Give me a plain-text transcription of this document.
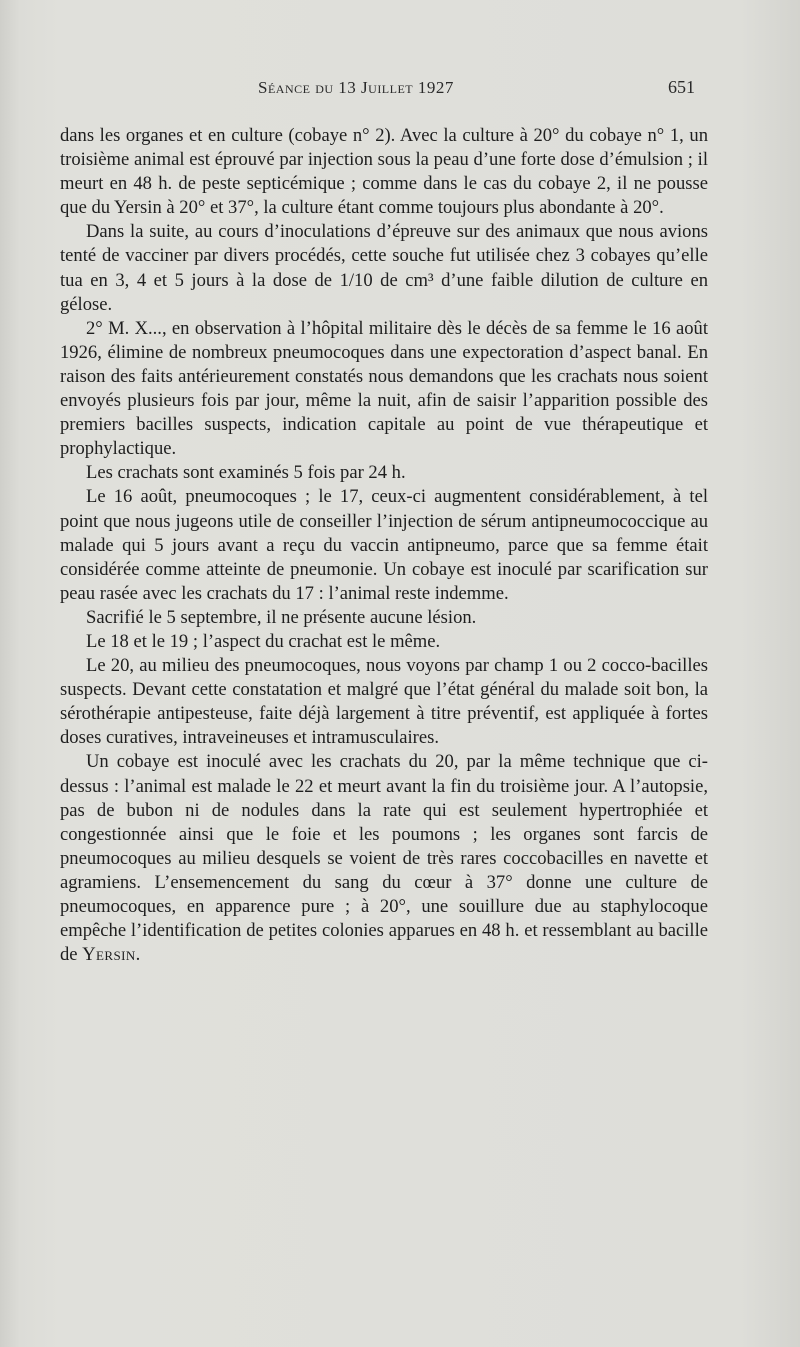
Séance du 13 Juillet 1927	651

dans les organes et en culture (cobaye n° 2). Avec la culture à 20° du cobaye n° 1, un troisième animal est éprouvé par injection sous la peau d’une forte dose d’émulsion ; il meurt en 48 h. de peste septicémique ; comme dans le cas du cobaye 2, il ne pousse que du Yersin à 20° et 37°, la culture étant comme toujours plus abondante à 20°.

Dans la suite, au cours d’inoculations d’épreuve sur des animaux que nous avions tenté de vacciner par divers procédés, cette souche fut utilisée chez 3 cobayes qu’elle tua en 3, 4 et 5 jours à la dose de 1/10 de cm³ d’une faible dilution de culture en gélose.

2° M. X..., en observation à l’hôpital militaire dès le décès de sa femme le 16 août 1926, élimine de nombreux pneumocoques dans une expectoration d’aspect banal. En raison des faits antérieurement constatés nous demandons que les crachats nous soient envoyés plusieurs fois par jour, même la nuit, afin de saisir l’apparition possible des premiers bacilles suspects, indication capitale au point de vue thérapeutique et prophylactique.

Les crachats sont examinés 5 fois par 24 h.

Le 16 août, pneumocoques ; le 17, ceux-ci augmentent considérablement, à tel point que nous jugeons utile de conseiller l’injection de sérum antipneumococcique au malade qui 5 jours avant a reçu du vaccin antipneumo, parce que sa femme était considérée comme atteinte de pneumonie. Un cobaye est inoculé par scarification sur peau rasée avec les crachats du 17 : l’animal reste indemme.

Sacrifié le 5 septembre, il ne présente aucune lésion.

Le 18 et le 19 ; l’aspect du crachat est le même.

Le 20, au milieu des pneumocoques, nous voyons par champ 1 ou 2 cocco-bacilles suspects. Devant cette constatation et malgré que l’état général du malade soit bon, la sérothérapie antipesteuse, faite déjà largement à titre préventif, est appliquée à fortes doses curatives, intraveineuses et intramusculaires.

Un cobaye est inoculé avec les crachats du 20, par la même technique que ci-dessus : l’animal est malade le 22 et meurt avant la fin du troisième jour. A l’autopsie, pas de bubon ni de nodules dans la rate qui est seulement hypertrophiée et congestionnée ainsi que le foie et les poumons ; les organes sont farcis de pneumocoques au milieu desquels se voient de très rares coccobacilles en navette et agramiens. L’ensemencement du sang du cœur à 37° donne une culture de pneumocoques, en apparence pure ; à 20°, une souillure due au staphylocoque empêche l’identification de petites colonies apparues en 48 h. et ressemblant au bacille de Yersin.
